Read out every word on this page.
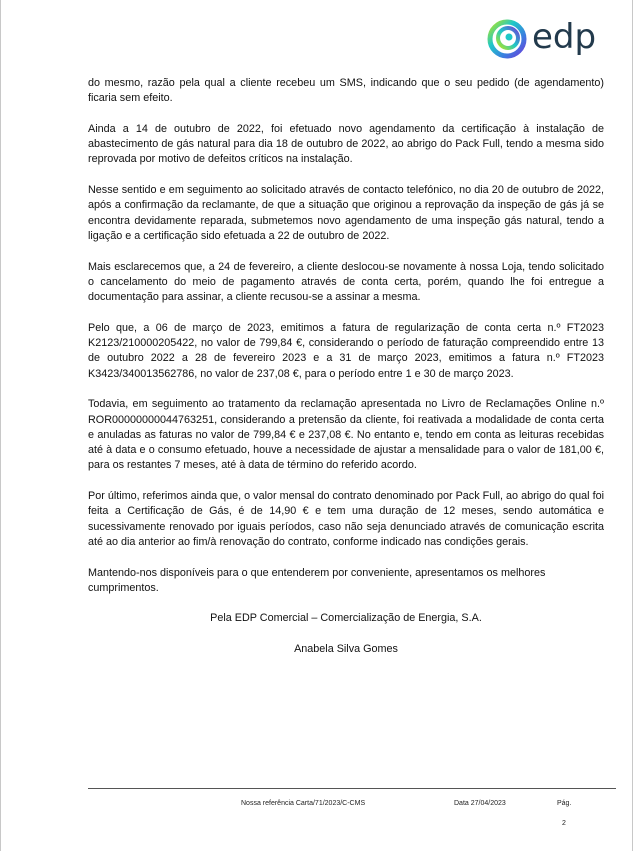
edp

do mesmo, razão pela qual a cliente recebeu um SMS, indicando que o seu pedido (de agendamento) ficaria sem efeito.

Ainda a 14 de outubro de 2022, foi efetuado novo agendamento da certificação à instalação de abastecimento de gás natural para dia 18 de outubro de 2022, ao abrigo do Pack Full, tendo a mesma sido reprovada por motivo de defeitos críticos na instalação.

Nesse sentido e em seguimento ao solicitado através de contacto telefónico, no dia 20 de outubro de 2022, após a confirmação da reclamante, de que a situação que originou a reprovação da inspeção de gás já se encontra devidamente reparada, submetemos novo agendamento de uma inspeção gás natural, tendo a ligação e a certificação sido efetuada a 22 de outubro de 2022.

Mais esclarecemos que, a 24 de fevereiro, a cliente deslocou-se novamente à nossa Loja, tendo solicitado o cancelamento do meio de pagamento através de conta certa, porém, quando lhe foi entregue a documentação para assinar, a cliente recusou-se a assinar a mesma.

Pelo que, a 06 de março de 2023, emitimos a fatura de regularização de conta certa n.º FT2023 K2123/210000205422, no valor de 799,84 €, considerando o período de faturação compreendido entre 13 de outubro 2022 a 28 de fevereiro 2023 e a 31 de março 2023, emitimos a fatura n.º FT2023 K3423/340013562786, no valor de 237,08 €, para o período entre 1 e 30 de março 2023.

Todavia, em seguimento ao tratamento da reclamação apresentada no Livro de Reclamações Online n.º ROR00000000044763251, considerando a pretensão da cliente, foi reativada a modalidade de conta certa e anuladas as faturas no valor de 799,84 € e 237,08 €. No entanto e, tendo em conta as leituras recebidas até à data e o consumo efetuado, houve a necessidade de ajustar a mensalidade para o valor de 181,00 €, para os restantes 7 meses, até à data de término do referido acordo.

Por último, referimos ainda que, o valor mensal do contrato denominado por Pack Full, ao abrigo do qual foi feita a Certificação de Gás, é de 14,90 € e tem uma duração de 12 meses, sendo automática e sucessivamente renovado por iguais períodos, caso não seja denunciado através de comunicação escrita até ao dia anterior ao fim/à renovação do contrato, conforme indicado nas condições gerais.

Mantendo-nos disponíveis para o que entenderem por conveniente, apresentamos os melhores cumprimentos.

Pela EDP Comercial – Comercialização de Energia, S.A.

Anabela Silva Gomes

Nossa referência Carta/71/2023/C-CMS	Data 27/04/2023	Pág.
2
